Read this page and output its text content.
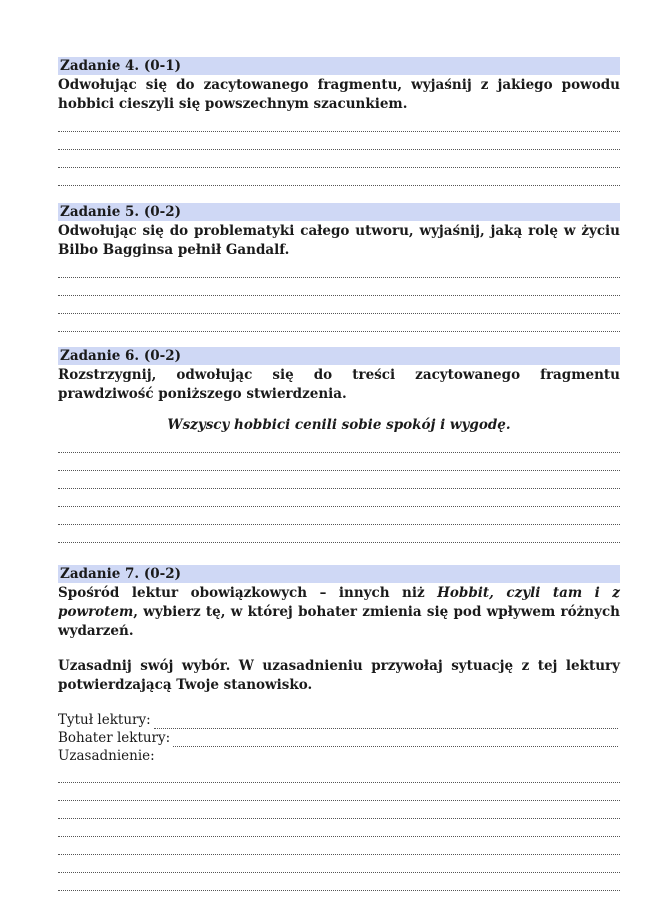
Zadanie 4. (0-1)
Odwołując się do zacytowanego fragmentu, wyjaśnij z jakiego powodu hobbici cieszyli się powszechnym szacunkiem.
Zadanie 5. (0-2)
Odwołując się do problematyki całego utworu, wyjaśnij, jaką rolę w życiu Bilbo Bagginsa pełnił Gandalf.
Zadanie 6. (0-2)
Rozstrzygnij, odwołując się do treści zacytowanego fragmentu prawdziwość poniższego stwierdzenia.
Wszyscy hobbici cenili sobie spokój i wygodę.
Zadanie 7. (0-2)
Spośród lektur obowiązkowych – innych niż Hobbit, czyli tam i z powrotem, wybierz tę, w której bohater zmienia się pod wpływem różnych wydarzeń.
Uzasadnij swój wybór. W uzasadnieniu przywołaj sytuację z tej lektury potwierdzającą Twoje stanowisko.
Tytuł lektury:
Bohater lektury:
Uzasadnienie:
